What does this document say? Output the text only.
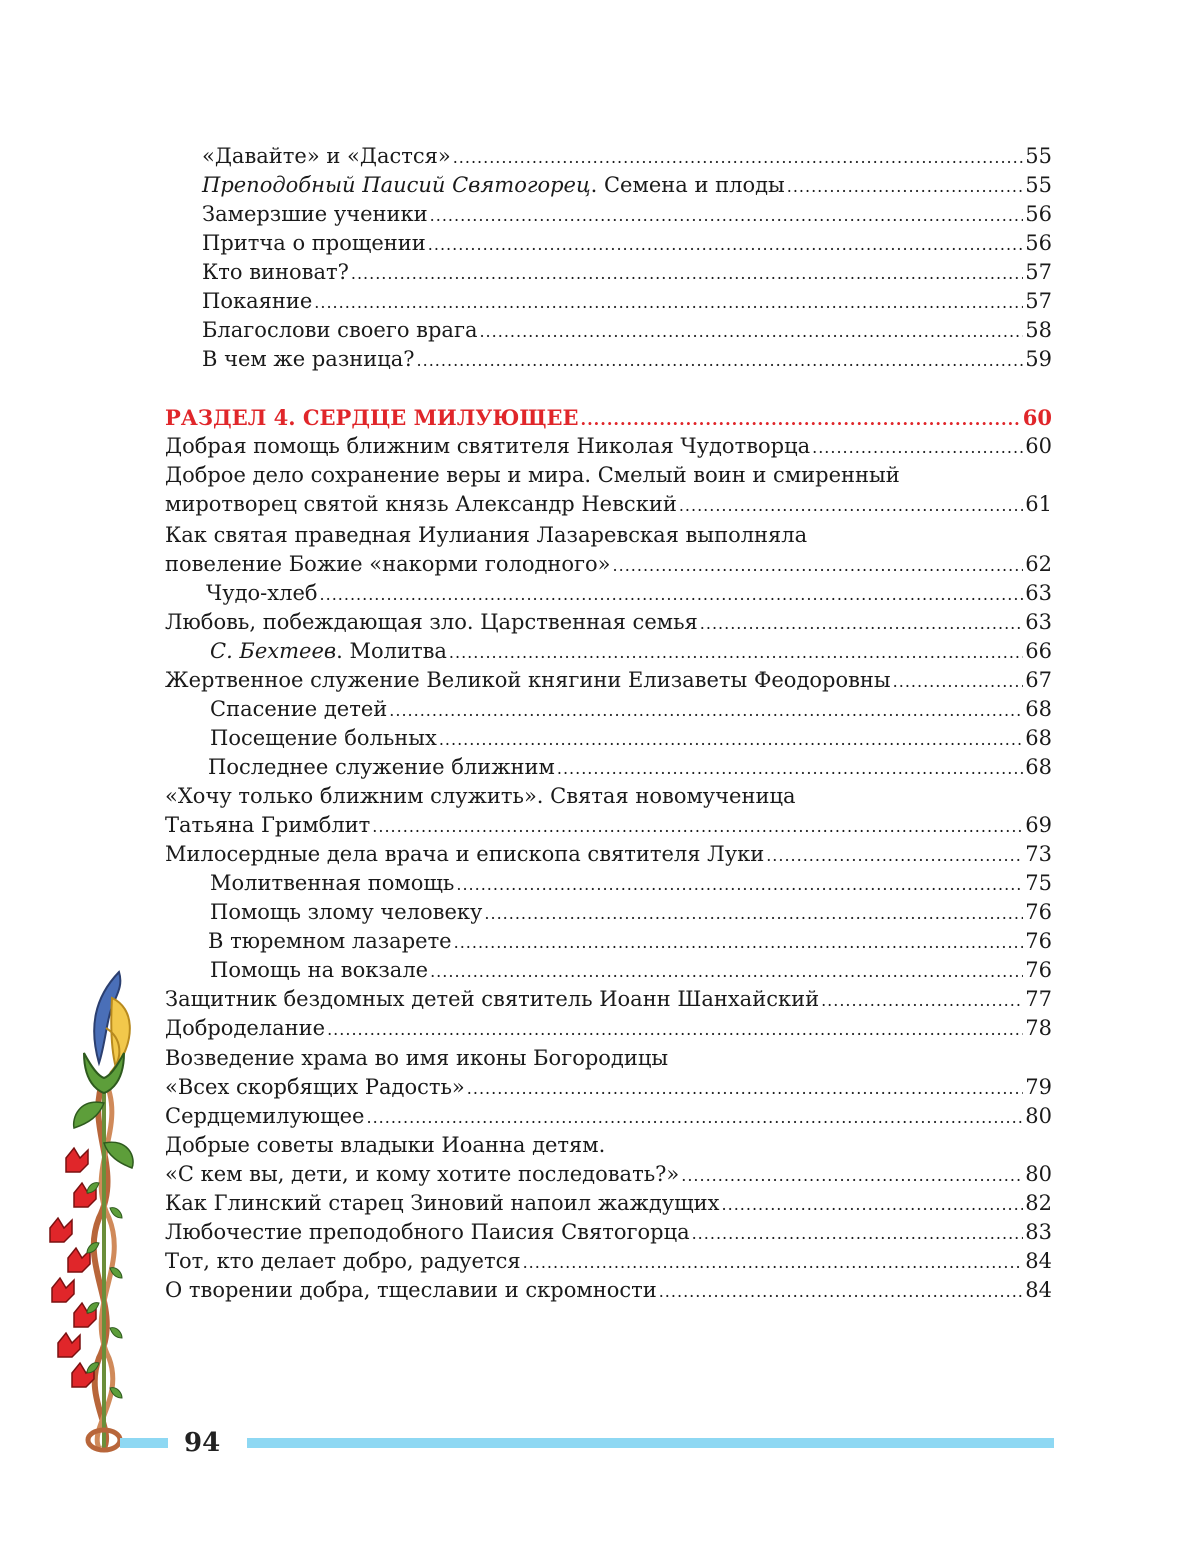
«Давайте» и «Дастся» .....	55
Преподобный Паисий Святогорец. Семена и плоды .....	55
Замерзшие ученики .....	56
Притча о прощении .....	56
Кто виноват? .....	57
Покаяние .....	57
Благослови своего врага .....	58
В чем же разница? .....	59
РАЗДЕЛ 4. СЕРДЦЕ МИЛУЮЩЕЕ .....	60
Добрая помощь ближним святителя Николая Чудотворца .....	60
Доброе дело сохранение веры и мира. Смелый воин и смиренный
миротворец святой князь Александр Невский .....	61
Как святая праведная Иулиания Лазаревская выполняла
повеление Божие «накорми голодного» .....	62
Чудо-хлеб .....	63
Любовь, побеждающая зло. Царственная семья .....	63
С. Бехтеев. Молитва .....	66
Жертвенное служение Великой княгини Елизаветы Феодоровны .....	67
Спасение детей .....	68
Посещение больных .....	68
Последнее служение ближним .....	68
«Хочу только ближним служить». Святая новомученица
Татьяна Гримблит .....	69
Милосердные дела врача и епископа святителя Луки .....	73
Молитвенная помощь .....	75
Помощь злому человеку .....	76
В тюремном лазарете .....	76
Помощь на вокзале .....	76
Защитник бездомных детей святитель Иоанн Шанхайский .....	77
Доброделание .....	78
Возведение храма во имя иконы Богородицы
«Всех скорбящих Радость» .....	79
Сердцемилующее .....	80
Добрые советы владыки Иоанна детям.
«С кем вы, дети, и кому хотите последовать?» .....	80
Как Глинский старец Зиновий напоил жаждущих .....	82
Любочестие преподобного Паисия Святогорца .....	83
Тот, кто делает добро, радуется .....	84
О творении добра, тщеславии и скромности .....	84
94
